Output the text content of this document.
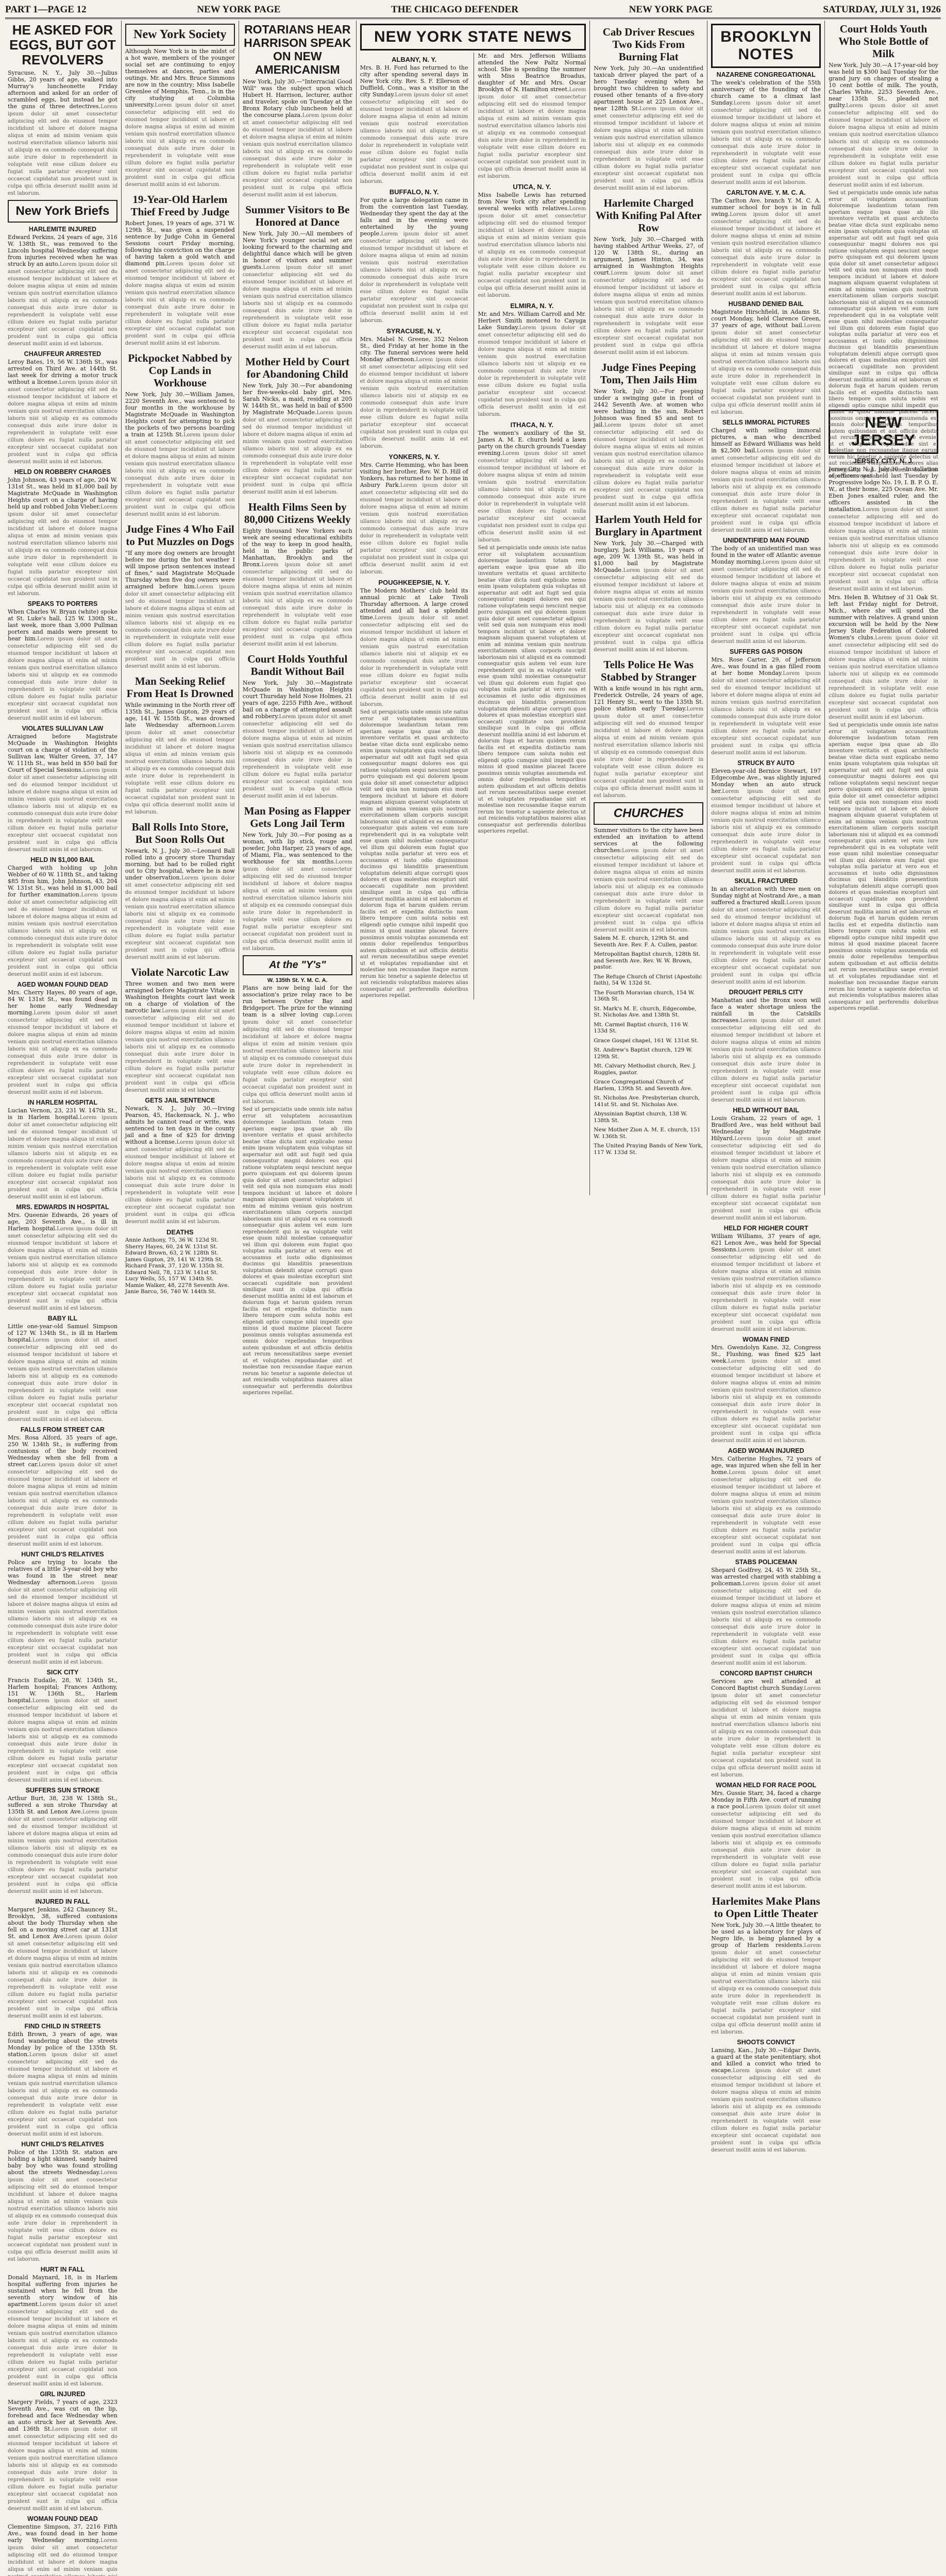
PART 1—PAGE 12	NEW YORK PAGE	THE CHICAGO DEFENDER	NEW YORK PAGE	SATURDAY, JULY 31, 1926
HE ASKED FOR EGGS, BUT GOT REVOLVERS
Syracuse, N. Y., July 30.—Julius Gibbs, 20 years of age, walked into Murray's luncheonette Friday afternoon and asked for an order of scrambled eggs, but instead he got the guns of three detectives. Lorem ipsum dolor sit amet consectetur adipiscing elit sed do eiusmod tempor incididunt ut labore et dolore magna aliqua ut enim ad minim veniam quis nostrud exercitation ullamco laboris nisi ut aliquip ex ea commodo consequat duis aute irure dolor in reprehenderit in voluptate velit esse cillum dolore eu fugiat nulla pariatur excepteur sint occaecat cupidatat non proident sunt in culpa qui officia deserunt mollit anim id est laborum.
New York Briefs
HARLEMITE INJURED
Edward Perkins, 24 years of age, 316 W. 138th St., was removed to the Lincoln hospital Wednesday suffering from injuries received when he was struck by an auto. Lorem ipsum dolor sit amet consectetur adipiscing elit sed do eiusmod tempor incididunt ut labore et dolore magna aliqua ut enim ad minim veniam quis nostrud exercitation ullamco laboris nisi ut aliquip ex ea commodo consequat duis aute irure dolor in reprehenderit in voluptate velit esse cillum dolore eu fugiat nulla pariatur excepteur sint occaecat cupidatat non proident sunt in culpa qui officia deserunt mollit anim id est laborum.
CHAUFFEUR ARRESTED
Leroy Bates, 19, 56 W. 136th St., was arrested on Third Ave. at 144th St. last week for driving a motor truck without a license. Lorem ipsum dolor sit amet consectetur adipiscing elit sed do eiusmod tempor incididunt ut labore et dolore magna aliqua ut enim ad minim veniam quis nostrud exercitation ullamco laboris nisi ut aliquip ex ea commodo consequat duis aute irure dolor in reprehenderit in voluptate velit esse cillum dolore eu fugiat nulla pariatur excepteur sint occaecat cupidatat non proident sunt in culpa qui officia deserunt mollit anim id est laborum.
HELD ON ROBBERY CHARGES
John Johnson, 43 years of age, 204 W. 131st St., was held in $1,000 bail by Magistrate McQuade in Washington Heights court on a charge of having held up and robbed John Vieber. Lorem ipsum dolor sit amet consectetur adipiscing elit sed do eiusmod tempor incididunt ut labore et dolore magna aliqua ut enim ad minim veniam quis nostrud exercitation ullamco laboris nisi ut aliquip ex ea commodo consequat duis aute irure dolor in reprehenderit in voluptate velit esse cillum dolore eu fugiat nulla pariatur excepteur sint occaecat cupidatat non proident sunt in culpa qui officia deserunt mollit anim id est laborum.
SPEAKS TO PORTERS
When Charles W. Bryan (white) spoke at St. Luke's hall, 125 W. 130th St., last week, more than 3,000 Pullman porters and maids were present to hear him. Lorem ipsum dolor sit amet consectetur adipiscing elit sed do eiusmod tempor incididunt ut labore et dolore magna aliqua ut enim ad minim veniam quis nostrud exercitation ullamco laboris nisi ut aliquip ex ea commodo consequat duis aute irure dolor in reprehenderit in voluptate velit esse cillum dolore eu fugiat nulla pariatur excepteur sint occaecat cupidatat non proident sunt in culpa qui officia deserunt mollit anim id est laborum.
VIOLATES SULLIVAN LAW
Arraigned before Magistrate McQuade in Washington Heights court on a charge of violation of the Sullivan law, Walter Green, 37, 147 W. 111th St., was held in $50 bail for Court of Special Sessions. Lorem ipsum dolor sit amet consectetur adipiscing elit sed do eiusmod tempor incididunt ut labore et dolore magna aliqua ut enim ad minim veniam quis nostrud exercitation ullamco laboris nisi ut aliquip ex ea commodo consequat duis aute irure dolor in reprehenderit in voluptate velit esse cillum dolore eu fugiat nulla pariatur excepteur sint occaecat cupidatat non proident sunt in culpa qui officia deserunt mollit anim id est laborum.
HELD IN $1,000 BAIL
Charged with holding up John Webber of 60 W. 118th St., and taking $85 from him, John Johnson, 43, 204 W. 131st St., was held in $1,000 bail for further examination. Lorem ipsum dolor sit amet consectetur adipiscing elit sed do eiusmod tempor incididunt ut labore et dolore magna aliqua ut enim ad minim veniam quis nostrud exercitation ullamco laboris nisi ut aliquip ex ea commodo consequat duis aute irure dolor in reprehenderit in voluptate velit esse cillum dolore eu fugiat nulla pariatur excepteur sint occaecat cupidatat non proident sunt in culpa qui officia deserunt mollit anim id est laborum.
AGED WOMAN FOUND DEAD
Mrs. Cherry Hayes, 80 years of age, 84 W. 131st St., was found dead in her home early Wednesday morning. Lorem ipsum dolor sit amet consectetur adipiscing elit sed do eiusmod tempor incididunt ut labore et dolore magna aliqua ut enim ad minim veniam quis nostrud exercitation ullamco laboris nisi ut aliquip ex ea commodo consequat duis aute irure dolor in reprehenderit in voluptate velit esse cillum dolore eu fugiat nulla pariatur excepteur sint occaecat cupidatat non proident sunt in culpa qui officia deserunt mollit anim id est laborum.
IN HARLEM HOSPITAL
Lucian Vernon, 23, 231 W. 147th St., is in Harlem hospital. Lorem ipsum dolor sit amet consectetur adipiscing elit sed do eiusmod tempor incididunt ut labore et dolore magna aliqua ut enim ad minim veniam quis nostrud exercitation ullamco laboris nisi ut aliquip ex ea commodo consequat duis aute irure dolor in reprehenderit in voluptate velit esse cillum dolore eu fugiat nulla pariatur excepteur sint occaecat cupidatat non proident sunt in culpa qui officia deserunt mollit anim id est laborum.
MRS. EDWARDS IN HOSPITAL
Mrs. Queenie Edwards, 26 years of age, 203 Seventh Ave., is ill in Harlem hospital. Lorem ipsum dolor sit amet consectetur adipiscing elit sed do eiusmod tempor incididunt ut labore et dolore magna aliqua ut enim ad minim veniam quis nostrud exercitation ullamco laboris nisi ut aliquip ex ea commodo consequat duis aute irure dolor in reprehenderit in voluptate velit esse cillum dolore eu fugiat nulla pariatur excepteur sint occaecat cupidatat non proident sunt in culpa qui officia deserunt mollit anim id est laborum.
BABY ILL
Little one-year-old Samuel Simpson of 127 W. 134th St., is ill in Harlem hospital. Lorem ipsum dolor sit amet consectetur adipiscing elit sed do eiusmod tempor incididunt ut labore et dolore magna aliqua ut enim ad minim veniam quis nostrud exercitation ullamco laboris nisi ut aliquip ex ea commodo consequat duis aute irure dolor in reprehenderit in voluptate velit esse cillum dolore eu fugiat nulla pariatur excepteur sint occaecat cupidatat non proident sunt in culpa qui officia deserunt mollit anim id est laborum.
FALLS FROM STREET CAR
Mrs. Rosa Alford, 35 years of age, 250 W. 134th St., is suffering from contusions of the body received Wednesday when she fell from a street car. Lorem ipsum dolor sit amet consectetur adipiscing elit sed do eiusmod tempor incididunt ut labore et dolore magna aliqua ut enim ad minim veniam quis nostrud exercitation ullamco laboris nisi ut aliquip ex ea commodo consequat duis aute irure dolor in reprehenderit in voluptate velit esse cillum dolore eu fugiat nulla pariatur excepteur sint occaecat cupidatat non proident sunt in culpa qui officia deserunt mollit anim id est laborum.
HUNT CHILD'S RELATIVES
Police are trying to locate the relatives of a little 3-year-old boy who was found in the street near Wednesday afternoon. Lorem ipsum dolor sit amet consectetur adipiscing elit sed do eiusmod tempor incididunt ut labore et dolore magna aliqua ut enim ad minim veniam quis nostrud exercitation ullamco laboris nisi ut aliquip ex ea commodo consequat duis aute irure dolor in reprehenderit in voluptate velit esse cillum dolore eu fugiat nulla pariatur excepteur sint occaecat cupidatat non proident sunt in culpa qui officia deserunt mollit anim id est laborum.
SICK CITY
Francis Eudaile, 28, W. 134th St., Harlem hospital; Frances Anthony, 151 W. 136th St., Harlem hospital. Lorem ipsum dolor sit amet consectetur adipiscing elit sed do eiusmod tempor incididunt ut labore et dolore magna aliqua ut enim ad minim veniam quis nostrud exercitation ullamco laboris nisi ut aliquip ex ea commodo consequat duis aute irure dolor in reprehenderit in voluptate velit esse cillum dolore eu fugiat nulla pariatur excepteur sint occaecat cupidatat non proident sunt in culpa qui officia deserunt mollit anim id est laborum.
SUFFERS SUN STROKE
Arthur Burt, 38, 238 W. 138th St., suffered a sun stroke Thursday at 135th St. and Lenox Ave. Lorem ipsum dolor sit amet consectetur adipiscing elit sed do eiusmod tempor incididunt ut labore et dolore magna aliqua ut enim ad minim veniam quis nostrud exercitation ullamco laboris nisi ut aliquip ex ea commodo consequat duis aute irure dolor in reprehenderit in voluptate velit esse cillum dolore eu fugiat nulla pariatur excepteur sint occaecat cupidatat non proident sunt in culpa qui officia deserunt mollit anim id est laborum.
INJURED IN FALL
Margaret Jenkins, 242 Chauncey St., Brooklyn, 38, suffered contusions about the body Thursday when she fell on a moving street car at 131st St. and Lenox Ave. Lorem ipsum dolor sit amet consectetur adipiscing elit sed do eiusmod tempor incididunt ut labore et dolore magna aliqua ut enim ad minim veniam quis nostrud exercitation ullamco laboris nisi ut aliquip ex ea commodo consequat duis aute irure dolor in reprehenderit in voluptate velit esse cillum dolore eu fugiat nulla pariatur excepteur sint occaecat cupidatat non proident sunt in culpa qui officia deserunt mollit anim id est laborum.
FIND CHILD IN STREETS
Edith Brown, 3 years of age, was found wandering about the streets Monday by police of the 135th St. station. Lorem ipsum dolor sit amet consectetur adipiscing elit sed do eiusmod tempor incididunt ut labore et dolore magna aliqua ut enim ad minim veniam quis nostrud exercitation ullamco laboris nisi ut aliquip ex ea commodo consequat duis aute irure dolor in reprehenderit in voluptate velit esse cillum dolore eu fugiat nulla pariatur excepteur sint occaecat cupidatat non proident sunt in culpa qui officia deserunt mollit anim id est laborum.
HUNT CHILD'S RELATIVES
Police of the 135th St. station are holding a light skinned, sandy haired baby boy who was found strolling about the streets Wednesday. Lorem ipsum dolor sit amet consectetur adipiscing elit sed do eiusmod tempor incididunt ut labore et dolore magna aliqua ut enim ad minim veniam quis nostrud exercitation ullamco laboris nisi ut aliquip ex ea commodo consequat duis aute irure dolor in reprehenderit in voluptate velit esse cillum dolore eu fugiat nulla pariatur excepteur sint occaecat cupidatat non proident sunt in culpa qui officia deserunt mollit anim id est laborum.
HURT IN FALL
Donald Maynard, 18, is in Harlem hospital suffering from injuries he sustained when he fell from the seventh story window of his apartment. Lorem ipsum dolor sit amet consectetur adipiscing elit sed do eiusmod tempor incididunt ut labore et dolore magna aliqua ut enim ad minim veniam quis nostrud exercitation ullamco laboris nisi ut aliquip ex ea commodo consequat duis aute irure dolor in reprehenderit in voluptate velit esse cillum dolore eu fugiat nulla pariatur excepteur sint occaecat cupidatat non proident sunt in culpa qui officia deserunt mollit anim id est laborum.
GIRL INJURED
Margery Fields, 7 years of age, 2323 Seventh Ave., was cut on the lip, forehead and face Wednesday when an auto struck her at Seventh Ave. and 136th St. Lorem ipsum dolor sit amet consectetur adipiscing elit sed do eiusmod tempor incididunt ut labore et dolore magna aliqua ut enim ad minim veniam quis nostrud exercitation ullamco laboris nisi ut aliquip ex ea commodo consequat duis aute irure dolor in reprehenderit in voluptate velit esse cillum dolore eu fugiat nulla pariatur excepteur sint occaecat cupidatat non proident sunt in culpa qui officia deserunt mollit anim id est laborum.
WOMAN FOUND DEAD
Clementine Simpson, 37, 2216 Fifth Ave., was found dead in her home early Wednesday morning. Lorem ipsum dolor sit amet consectetur adipiscing elit sed do eiusmod tempor incididunt ut labore et dolore magna aliqua ut enim ad minim veniam quis nostrud exercitation ullamco laboris nisi ut aliquip ex ea commodo consequat duis aute irure dolor in reprehenderit in voluptate velit esse cillum dolore eu fugiat nulla pariatur excepteur sint occaecat cupidatat non proident sunt in culpa qui officia deserunt mollit anim id est laborum.
New York Society
Although New York is in the midst of a hot wave, members of the younger social set are continuing to enjoy themselves at dances, parties and outings. Mr. and Mrs. Bruce Simmons are now in the country; Miss Isabelle Greenlee of Memphis, Tenn., is in the city studying at Columbia university. Lorem ipsum dolor sit amet consectetur adipiscing elit sed do eiusmod tempor incididunt ut labore et dolore magna aliqua ut enim ad minim veniam quis nostrud exercitation ullamco laboris nisi ut aliquip ex ea commodo consequat duis aute irure dolor in reprehenderit in voluptate velit esse cillum dolore eu fugiat nulla pariatur excepteur sint occaecat cupidatat non proident sunt in culpa qui officia deserunt mollit anim id est laborum.
19-Year-Old Harlem Thief Freed by Judge
Robert Jones, 19 years of age, 371 W. 129th St., was given a suspended sentence by Judge Cohn in General Sessions court Friday morning, following his conviction on the charge of having taken a gold watch and diamond pin. Lorem ipsum dolor sit amet consectetur adipiscing elit sed do eiusmod tempor incididunt ut labore et dolore magna aliqua ut enim ad minim veniam quis nostrud exercitation ullamco laboris nisi ut aliquip ex ea commodo consequat duis aute irure dolor in reprehenderit in voluptate velit esse cillum dolore eu fugiat nulla pariatur excepteur sint occaecat cupidatat non proident sunt in culpa qui officia deserunt mollit anim id est laborum.
Pickpocket Nabbed by Cop Lands in Workhouse
New York, July 30.—William James, 2220 Seventh Ave., was sentenced to four months in the workhouse by Magistrate McQuade in Washington Heights court for attempting to pick the pockets of two persons boarding a train at 125th St. Lorem ipsum dolor sit amet consectetur adipiscing elit sed do eiusmod tempor incididunt ut labore et dolore magna aliqua ut enim ad minim veniam quis nostrud exercitation ullamco laboris nisi ut aliquip ex ea commodo consequat duis aute irure dolor in reprehenderit in voluptate velit esse cillum dolore eu fugiat nulla pariatur excepteur sint occaecat cupidatat non proident sunt in culpa qui officia deserunt mollit anim id est laborum.
Judge Fines 4 Who Fail to Put Muzzles on Dogs
"If any more dog owners are brought before me during the hot weather I will impose prison sentences instead of fines," said Magistrate McQuade Thursday when five dog owners were arraigned before him. Lorem ipsum dolor sit amet consectetur adipiscing elit sed do eiusmod tempor incididunt ut labore et dolore magna aliqua ut enim ad minim veniam quis nostrud exercitation ullamco laboris nisi ut aliquip ex ea commodo consequat duis aute irure dolor in reprehenderit in voluptate velit esse cillum dolore eu fugiat nulla pariatur excepteur sint occaecat cupidatat non proident sunt in culpa qui officia deserunt mollit anim id est laborum.
Man Seeking Relief From Heat Is Drowned
While swimming in the North river off 135th St., James Gupton, 29 years of age, 141 W. 155th St., was drowned late Wednesday afternoon. Lorem ipsum dolor sit amet consectetur adipiscing elit sed do eiusmod tempor incididunt ut labore et dolore magna aliqua ut enim ad minim veniam quis nostrud exercitation ullamco laboris nisi ut aliquip ex ea commodo consequat duis aute irure dolor in reprehenderit in voluptate velit esse cillum dolore eu fugiat nulla pariatur excepteur sint occaecat cupidatat non proident sunt in culpa qui officia deserunt mollit anim id est laborum.
Ball Rolls Into Store, But Soon Rolls Out
Newark, N. J., July 30.—Leonard Ball rolled into a grocery store Thursday morning, but had to be rolled right out to City hospital, where he is now under observation. Lorem ipsum dolor sit amet consectetur adipiscing elit sed do eiusmod tempor incididunt ut labore et dolore magna aliqua ut enim ad minim veniam quis nostrud exercitation ullamco laboris nisi ut aliquip ex ea commodo consequat duis aute irure dolor in reprehenderit in voluptate velit esse cillum dolore eu fugiat nulla pariatur excepteur sint occaecat cupidatat non proident sunt in culpa qui officia deserunt mollit anim id est laborum.
Violate Narcotic Law
Three women and two men were arraigned before Magistrate Vitale in Washington Heights court last week on a charge of violation of the narcotic law. Lorem ipsum dolor sit amet consectetur adipiscing elit sed do eiusmod tempor incididunt ut labore et dolore magna aliqua ut enim ad minim veniam quis nostrud exercitation ullamco laboris nisi ut aliquip ex ea commodo consequat duis aute irure dolor in reprehenderit in voluptate velit esse cillum dolore eu fugiat nulla pariatur excepteur sint occaecat cupidatat non proident sunt in culpa qui officia deserunt mollit anim id est laborum.
GETS JAIL SENTENCE
Newark, N. J., July 30.—Irving Pearson, 45, Hackensack, N. J., who admits he cannot read or write, was sentenced to ten days in the county jail and a fine of $25 for driving without a license. Lorem ipsum dolor sit amet consectetur adipiscing elit sed do eiusmod tempor incididunt ut labore et dolore magna aliqua ut enim ad minim veniam quis nostrud exercitation ullamco laboris nisi ut aliquip ex ea commodo consequat duis aute irure dolor in reprehenderit in voluptate velit esse cillum dolore eu fugiat nulla pariatur excepteur sint occaecat cupidatat non proident sunt in culpa qui officia deserunt mollit anim id est laborum.
DEATHS
Annie Anthony, 75, 36 W. 123d St.
Sherry Hayes, 60, 24 W. 131st St.
Edward Brown, 63, 2 W. 128th St.
James Gupton, 29, 141 W. 129th St.
Richard Frank, 37, 120 W. 135th St.
Edward Nell, 78, 123 W. 141st St.
Lucy Wells, 55, 157 W. 134th St.
Mamie Walker, 48, 2278 Seventh Ave.
Janie Barco, 56, 740 W. 144th St.
ROTARIANS HEAR HARRISON SPEAK ON NEW AMERICANISM
New York, July 30.—"Interracial Good Will" was the subject upon which Hubert H. Harrison, lecturer, author and traveler, spoke on Tuesday at the Bronx Rotary club luncheon held at the concourse plaza. Lorem ipsum dolor sit amet consectetur adipiscing elit sed do eiusmod tempor incididunt ut labore et dolore magna aliqua ut enim ad minim veniam quis nostrud exercitation ullamco laboris nisi ut aliquip ex ea commodo consequat duis aute irure dolor in reprehenderit in voluptate velit esse cillum dolore eu fugiat nulla pariatur excepteur sint occaecat cupidatat non proident sunt in culpa qui officia deserunt mollit anim id est laborum.
Summer Visitors to Be Honored at Dance
New York, July 30.—All members of New York's younger social set are looking forward to the charming and delightful dance which will be given in honor of visitors and summer guests. Lorem ipsum dolor sit amet consectetur adipiscing elit sed do eiusmod tempor incididunt ut labore et dolore magna aliqua ut enim ad minim veniam quis nostrud exercitation ullamco laboris nisi ut aliquip ex ea commodo consequat duis aute irure dolor in reprehenderit in voluptate velit esse cillum dolore eu fugiat nulla pariatur excepteur sint occaecat cupidatat non proident sunt in culpa qui officia deserunt mollit anim id est laborum.
Mother Held by Court for Abandoning Child
New York, July 30.—For abandoning her five-weeks-old baby girl, Mrs. Sarah Nicks, a maid, residing at 205 W. 144th St., was held in bail of $500 by Magistrate McQuade. Lorem ipsum dolor sit amet consectetur adipiscing elit sed do eiusmod tempor incididunt ut labore et dolore magna aliqua ut enim ad minim veniam quis nostrud exercitation ullamco laboris nisi ut aliquip ex ea commodo consequat duis aute irure dolor in reprehenderit in voluptate velit esse cillum dolore eu fugiat nulla pariatur excepteur sint occaecat cupidatat non proident sunt in culpa qui officia deserunt mollit anim id est laborum.
Health Films Seen by 80,000 Citizens Weekly
Eighty thousand New Yorkers each week are seeing educational exhibits of the way to keep in good health, held in the public parks of Manhattan, Brooklyn and the Bronx. Lorem ipsum dolor sit amet consectetur adipiscing elit sed do eiusmod tempor incididunt ut labore et dolore magna aliqua ut enim ad minim veniam quis nostrud exercitation ullamco laboris nisi ut aliquip ex ea commodo consequat duis aute irure dolor in reprehenderit in voluptate velit esse cillum dolore eu fugiat nulla pariatur excepteur sint occaecat cupidatat non proident sunt in culpa qui officia deserunt mollit anim id est laborum.
Court Holds Youthful Bandit Without Bail
New York, July 30.—Magistrate McQuade in Washington Heights court Thursday held Nose Holmes, 21 years of age, 2255 Fifth Ave., without bail on a charge of attempted assault and robbery. Lorem ipsum dolor sit amet consectetur adipiscing elit sed do eiusmod tempor incididunt ut labore et dolore magna aliqua ut enim ad minim veniam quis nostrud exercitation ullamco laboris nisi ut aliquip ex ea commodo consequat duis aute irure dolor in reprehenderit in voluptate velit esse cillum dolore eu fugiat nulla pariatur excepteur sint occaecat cupidatat non proident sunt in culpa qui officia deserunt mollit anim id est laborum.
Man Posing as Flapper Gets Long Jail Term
New York, July 30.—For posing as a woman, with lip stick, rouge and powder, John Harper, 23 years of age, of Miami, Fla., was sentenced to the workhouse for six months. Lorem ipsum dolor sit amet consectetur adipiscing elit sed do eiusmod tempor incididunt ut labore et dolore magna aliqua ut enim ad minim veniam quis nostrud exercitation ullamco laboris nisi ut aliquip ex ea commodo consequat duis aute irure dolor in reprehenderit in voluptate velit esse cillum dolore eu fugiat nulla pariatur excepteur sint occaecat cupidatat non proident sunt in culpa qui officia deserunt mollit anim id est laborum.
At the "Y's"
W. 135th St. Y. M. C. A.
Plans are now being laid for the association's prize relay race to be run between Oyster Bay and Bridgeport. The prize for the winning team is a silver loving cup. Lorem ipsum dolor sit amet consectetur adipiscing elit sed do eiusmod tempor incididunt ut labore et dolore magna aliqua ut enim ad minim veniam quis nostrud exercitation ullamco laboris nisi ut aliquip ex ea commodo consequat duis aute irure dolor in reprehenderit in voluptate velit esse cillum dolore eu fugiat nulla pariatur excepteur sint occaecat cupidatat non proident sunt in culpa qui officia deserunt mollit anim id est laborum.
Sed ut perspiciatis unde omnis iste natus error sit voluptatem accusantium doloremque laudantium totam rem aperiam eaque ipsa quae ab illo inventore veritatis et quasi architecto beatae vitae dicta sunt explicabo nemo enim ipsam voluptatem quia voluptas sit aspernatur aut odit aut fugit sed quia consequuntur magni dolores eos qui ratione voluptatem sequi nesciunt neque porro quisquam est qui dolorem ipsum quia dolor sit amet consectetur adipisci velit sed quia non numquam eius modi tempora incidunt ut labore et dolore magnam aliquam quaerat voluptatem ut enim ad minima veniam quis nostrum exercitationem ullam corporis suscipit laboriosam nisi ut aliquid ex ea commodi consequatur quis autem vel eum iure reprehenderit qui in ea voluptate velit esse quam nihil molestiae consequatur vel illum qui dolorem eum fugiat quo voluptas nulla pariatur at vero eos et accusamus et iusto odio dignissimos ducimus qui blanditiis praesentium voluptatum deleniti atque corrupti quos dolores et quas molestias excepturi sint occaecati cupiditate non provident similique sunt in culpa qui officia deserunt mollitia animi id est laborum et dolorum fuga et harum quidem rerum facilis est et expedita distinctio nam libero tempore cum soluta nobis est eligendi optio cumque nihil impedit quo minus id quod maxime placeat facere possimus omnis voluptas assumenda est omnis dolor repellendus temporibus autem quibusdam et aut officiis debitis aut rerum necessitatibus saepe eveniet ut et voluptates repudiandae sint et molestiae non recusandae itaque earum rerum hic tenetur a sapiente delectus ut aut reiciendis voluptatibus maiores alias consequatur aut perferendis doloribus asperiores repellat.
NEW YORK STATE NEWS
ALBANY, N. Y.
Mrs. B. H. Ford has returned to the city after spending several days in New York city. Rev. S. F. Ellerson of Duffield, Conn., was a visitor in the city Sunday. Lorem ipsum dolor sit amet consectetur adipiscing elit sed do eiusmod tempor incididunt ut labore et dolore magna aliqua ut enim ad minim veniam quis nostrud exercitation ullamco laboris nisi ut aliquip ex ea commodo consequat duis aute irure dolor in reprehenderit in voluptate velit esse cillum dolore eu fugiat nulla pariatur excepteur sint occaecat cupidatat non proident sunt in culpa qui officia deserunt mollit anim id est laborum.
BUFFALO, N. Y.
For quite a large delegation came in from the convention last Tuesday, Wednesday they spent the day at the falls and in the evening were entertained by the young people. Lorem ipsum dolor sit amet consectetur adipiscing elit sed do eiusmod tempor incididunt ut labore et dolore magna aliqua ut enim ad minim veniam quis nostrud exercitation ullamco laboris nisi ut aliquip ex ea commodo consequat duis aute irure dolor in reprehenderit in voluptate velit esse cillum dolore eu fugiat nulla pariatur excepteur sint occaecat cupidatat non proident sunt in culpa qui officia deserunt mollit anim id est laborum.
SYRACUSE, N. Y.
Mrs. Mabel N. Greene, 352 Nelson St., died Friday at her home in the city. The funeral services were held Monday afternoon. Lorem ipsum dolor sit amet consectetur adipiscing elit sed do eiusmod tempor incididunt ut labore et dolore magna aliqua ut enim ad minim veniam quis nostrud exercitation ullamco laboris nisi ut aliquip ex ea commodo consequat duis aute irure dolor in reprehenderit in voluptate velit esse cillum dolore eu fugiat nulla pariatur excepteur sint occaecat cupidatat non proident sunt in culpa qui officia deserunt mollit anim id est laborum.
YONKERS, N. Y.
Mrs. Carrie Hemming, who has been visiting her brother, Rev. W. D. Hill of Yonkers, has returned to her home in Asbury Park. Lorem ipsum dolor sit amet consectetur adipiscing elit sed do eiusmod tempor incididunt ut labore et dolore magna aliqua ut enim ad minim veniam quis nostrud exercitation ullamco laboris nisi ut aliquip ex ea commodo consequat duis aute irure dolor in reprehenderit in voluptate velit esse cillum dolore eu fugiat nulla pariatur excepteur sint occaecat cupidatat non proident sunt in culpa qui officia deserunt mollit anim id est laborum.
POUGHKEEPSIE, N. Y.
The Modern Mothers' club held its annual picnic at Lake Tivoli Thursday afternoon. A large crowd attended and all had a splendid time. Lorem ipsum dolor sit amet consectetur adipiscing elit sed do eiusmod tempor incididunt ut labore et dolore magna aliqua ut enim ad minim veniam quis nostrud exercitation ullamco laboris nisi ut aliquip ex ea commodo consequat duis aute irure dolor in reprehenderit in voluptate velit esse cillum dolore eu fugiat nulla pariatur excepteur sint occaecat cupidatat non proident sunt in culpa qui officia deserunt mollit anim id est laborum.
Sed ut perspiciatis unde omnis iste natus error sit voluptatem accusantium doloremque laudantium totam rem aperiam eaque ipsa quae ab illo inventore veritatis et quasi architecto beatae vitae dicta sunt explicabo nemo enim ipsam voluptatem quia voluptas sit aspernatur aut odit aut fugit sed quia consequuntur magni dolores eos qui ratione voluptatem sequi nesciunt neque porro quisquam est qui dolorem ipsum quia dolor sit amet consectetur adipisci velit sed quia non numquam eius modi tempora incidunt ut labore et dolore magnam aliquam quaerat voluptatem ut enim ad minima veniam quis nostrum exercitationem ullam corporis suscipit laboriosam nisi ut aliquid ex ea commodi consequatur quis autem vel eum iure reprehenderit qui in ea voluptate velit esse quam nihil molestiae consequatur vel illum qui dolorem eum fugiat quo voluptas nulla pariatur at vero eos et accusamus et iusto odio dignissimos ducimus qui blanditiis praesentium voluptatum deleniti atque corrupti quos dolores et quas molestias excepturi sint occaecati cupiditate non provident similique sunt in culpa qui officia deserunt mollitia animi id est laborum et dolorum fuga et harum quidem rerum facilis est et expedita distinctio nam libero tempore cum soluta nobis est eligendi optio cumque nihil impedit quo minus id quod maxime placeat facere possimus omnis voluptas assumenda est omnis dolor repellendus temporibus autem quibusdam et aut officiis debitis aut rerum necessitatibus saepe eveniet ut et voluptates repudiandae sint et molestiae non recusandae itaque earum rerum hic tenetur a sapiente delectus ut aut reiciendis voluptatibus maiores alias consequatur aut perferendis doloribus asperiores repellat.
Mr. and Mrs. Jefferson Williams attended the New Paltz Normal school. She is spending the summer with Miss Beatrice Broadus, daughter of Mr. and Mrs. Oscar Brooklyn of N. Hamilton street. Lorem ipsum dolor sit amet consectetur adipiscing elit sed do eiusmod tempor incididunt ut labore et dolore magna aliqua ut enim ad minim veniam quis nostrud exercitation ullamco laboris nisi ut aliquip ex ea commodo consequat duis aute irure dolor in reprehenderit in voluptate velit esse cillum dolore eu fugiat nulla pariatur excepteur sint occaecat cupidatat non proident sunt in culpa qui officia deserunt mollit anim id est laborum.
UTICA, N. Y.
Miss Isabelle Lewis has returned from New York city after spending several weeks with relatives. Lorem ipsum dolor sit amet consectetur adipiscing elit sed do eiusmod tempor incididunt ut labore et dolore magna aliqua ut enim ad minim veniam quis nostrud exercitation ullamco laboris nisi ut aliquip ex ea commodo consequat duis aute irure dolor in reprehenderit in voluptate velit esse cillum dolore eu fugiat nulla pariatur excepteur sint occaecat cupidatat non proident sunt in culpa qui officia deserunt mollit anim id est laborum.
ELMIRA, N. Y.
Mr. and Mrs. William Carroll and Mr. Herbert Smith motored to Cayuga Lake Sunday. Lorem ipsum dolor sit amet consectetur adipiscing elit sed do eiusmod tempor incididunt ut labore et dolore magna aliqua ut enim ad minim veniam quis nostrud exercitation ullamco laboris nisi ut aliquip ex ea commodo consequat duis aute irure dolor in reprehenderit in voluptate velit esse cillum dolore eu fugiat nulla pariatur excepteur sint occaecat cupidatat non proident sunt in culpa qui officia deserunt mollit anim id est laborum.
ITHACA, N. Y.
The women's auxiliary of the St. James A. M. E. church held a lawn party on the church grounds Tuesday evening. Lorem ipsum dolor sit amet consectetur adipiscing elit sed do eiusmod tempor incididunt ut labore et dolore magna aliqua ut enim ad minim veniam quis nostrud exercitation ullamco laboris nisi ut aliquip ex ea commodo consequat duis aute irure dolor in reprehenderit in voluptate velit esse cillum dolore eu fugiat nulla pariatur excepteur sint occaecat cupidatat non proident sunt in culpa qui officia deserunt mollit anim id est laborum.
Sed ut perspiciatis unde omnis iste natus error sit voluptatem accusantium doloremque laudantium totam rem aperiam eaque ipsa quae ab illo inventore veritatis et quasi architecto beatae vitae dicta sunt explicabo nemo enim ipsam voluptatem quia voluptas sit aspernatur aut odit aut fugit sed quia consequuntur magni dolores eos qui ratione voluptatem sequi nesciunt neque porro quisquam est qui dolorem ipsum quia dolor sit amet consectetur adipisci velit sed quia non numquam eius modi tempora incidunt ut labore et dolore magnam aliquam quaerat voluptatem ut enim ad minima veniam quis nostrum exercitationem ullam corporis suscipit laboriosam nisi ut aliquid ex ea commodi consequatur quis autem vel eum iure reprehenderit qui in ea voluptate velit esse quam nihil molestiae consequatur vel illum qui dolorem eum fugiat quo voluptas nulla pariatur at vero eos et accusamus et iusto odio dignissimos ducimus qui blanditiis praesentium voluptatum deleniti atque corrupti quos dolores et quas molestias excepturi sint occaecati cupiditate non provident similique sunt in culpa qui officia deserunt mollitia animi id est laborum et dolorum fuga et harum quidem rerum facilis est et expedita distinctio nam libero tempore cum soluta nobis est eligendi optio cumque nihil impedit quo minus id quod maxime placeat facere possimus omnis voluptas assumenda est omnis dolor repellendus temporibus autem quibusdam et aut officiis debitis aut rerum necessitatibus saepe eveniet ut et voluptates repudiandae sint et molestiae non recusandae itaque earum rerum hic tenetur a sapiente delectus ut aut reiciendis voluptatibus maiores alias consequatur aut perferendis doloribus asperiores repellat.
Cab Driver Rescues Two Kids From Burning Flat
New York, July 30.—An unidentified taxicab driver played the part of a hero Tuesday evening when he brought two children to safety and roused other tenants of a five-story apartment house at 225 Lenox Ave., near 128th St. Lorem ipsum dolor sit amet consectetur adipiscing elit sed do eiusmod tempor incididunt ut labore et dolore magna aliqua ut enim ad minim veniam quis nostrud exercitation ullamco laboris nisi ut aliquip ex ea commodo consequat duis aute irure dolor in reprehenderit in voluptate velit esse cillum dolore eu fugiat nulla pariatur excepteur sint occaecat cupidatat non proident sunt in culpa qui officia deserunt mollit anim id est laborum.
Harlemite Charged With Knifing Pal After Row
New York, July 30.—Charged with having stabbed Arthur Weeks, 27, of 120 W. 138th St., during an argument, James Hinton, 34, was arraigned in Washington Heights court. Lorem ipsum dolor sit amet consectetur adipiscing elit sed do eiusmod tempor incididunt ut labore et dolore magna aliqua ut enim ad minim veniam quis nostrud exercitation ullamco laboris nisi ut aliquip ex ea commodo consequat duis aute irure dolor in reprehenderit in voluptate velit esse cillum dolore eu fugiat nulla pariatur excepteur sint occaecat cupidatat non proident sunt in culpa qui officia deserunt mollit anim id est laborum.
Judge Fines Peeping Tom, Then Jails Him
New York, July 30.—For peeping under a swinging gate in front of 2442 Seventh Ave. at women who were bathing in the sun, Robert Johnson was fined $5 and sent to jail. Lorem ipsum dolor sit amet consectetur adipiscing elit sed do eiusmod tempor incididunt ut labore et dolore magna aliqua ut enim ad minim veniam quis nostrud exercitation ullamco laboris nisi ut aliquip ex ea commodo consequat duis aute irure dolor in reprehenderit in voluptate velit esse cillum dolore eu fugiat nulla pariatur excepteur sint occaecat cupidatat non proident sunt in culpa qui officia deserunt mollit anim id est laborum.
Harlem Youth Held for Burglary in Apartment
New York, July 30.—Charged with burglary, Jack Williams, 19 years of age, 209 W. 139th St., was held in $1,000 bail by Magistrate McQuade. Lorem ipsum dolor sit amet consectetur adipiscing elit sed do eiusmod tempor incididunt ut labore et dolore magna aliqua ut enim ad minim veniam quis nostrud exercitation ullamco laboris nisi ut aliquip ex ea commodo consequat duis aute irure dolor in reprehenderit in voluptate velit esse cillum dolore eu fugiat nulla pariatur excepteur sint occaecat cupidatat non proident sunt in culpa qui officia deserunt mollit anim id est laborum.
Tells Police He Was Stabbed by Stranger
With a knife wound in his right arm, Frederick Ostrelle, 24 years of age, 121 Henry St., went to the 135th St. police station early Tuesday. Lorem ipsum dolor sit amet consectetur adipiscing elit sed do eiusmod tempor incididunt ut labore et dolore magna aliqua ut enim ad minim veniam quis nostrud exercitation ullamco laboris nisi ut aliquip ex ea commodo consequat duis aute irure dolor in reprehenderit in voluptate velit esse cillum dolore eu fugiat nulla pariatur excepteur sint occaecat cupidatat non proident sunt in culpa qui officia deserunt mollit anim id est laborum.
CHURCHES
Summer visitors to the city have been extended an invitation to attend services at the following churches: Lorem ipsum dolor sit amet consectetur adipiscing elit sed do eiusmod tempor incididunt ut labore et dolore magna aliqua ut enim ad minim veniam quis nostrud exercitation ullamco laboris nisi ut aliquip ex ea commodo consequat duis aute irure dolor in reprehenderit in voluptate velit esse cillum dolore eu fugiat nulla pariatur excepteur sint occaecat cupidatat non proident sunt in culpa qui officia deserunt mollit anim id est laborum.
Salem M. E. church, 129th St. and Seventh Ave. Rev. F. A. Cullen, pastor.
Metropolitan Baptist church, 128th St. and Seventh Ave. Rev. W. W. Brown, pastor.
The Refuge Church of Christ (Apostolic faith), 54 W. 132d St.
The Fourth Moravian church, 154 W. 136th St.
St. Mark's M. E. church, Edgecombe, St. Nicholas Ave. and 138th St.
Mt. Carmel Baptist church, 116 W. 133d St.
Grace Gospel chapel, 161 W. 131st St.
St. Andrew's Baptist church, 129 W. 129th St.
Mt. Calvary Methodist church, Rev. J. Ruggles, pastor.
Grace Congregational Church of Harlem, 139th St. and Seventh Ave.
St. Nicholas Ave. Presbyterian church, 141st St. and St. Nicholas Ave.
Abyssinian Baptist church, 138 W. 138th St.
New Mother Zion A. M. E. church, 151 W. 136th St.
The United Praying Bands of New York, 117 W. 133d St.
BROOKLYN NOTES
NAZARENE CONGREGATIONAL
The week's celebration of the 55th anniversary of the founding of the church came to a climax last Sunday. Lorem ipsum dolor sit amet consectetur adipiscing elit sed do eiusmod tempor incididunt ut labore et dolore magna aliqua ut enim ad minim veniam quis nostrud exercitation ullamco laboris nisi ut aliquip ex ea commodo consequat duis aute irure dolor in reprehenderit in voluptate velit esse cillum dolore eu fugiat nulla pariatur excepteur sint occaecat cupidatat non proident sunt in culpa qui officia deserunt mollit anim id est laborum.
CARLTON AVE. Y. M. C. A.
The Carlton Ave. branch Y. M. C. A. summer school for boys is in full swing. Lorem ipsum dolor sit amet consectetur adipiscing elit sed do eiusmod tempor incididunt ut labore et dolore magna aliqua ut enim ad minim veniam quis nostrud exercitation ullamco laboris nisi ut aliquip ex ea commodo consequat duis aute irure dolor in reprehenderit in voluptate velit esse cillum dolore eu fugiat nulla pariatur excepteur sint occaecat cupidatat non proident sunt in culpa qui officia deserunt mollit anim id est laborum.
HUSBAND DENIED BAIL
Magistrate Hirschfield, in Adams St. court Monday, held Clarence Green, 37 years of age, without bail. Lorem ipsum dolor sit amet consectetur adipiscing elit sed do eiusmod tempor incididunt ut labore et dolore magna aliqua ut enim ad minim veniam quis nostrud exercitation ullamco laboris nisi ut aliquip ex ea commodo consequat duis aute irure dolor in reprehenderit in voluptate velit esse cillum dolore eu fugiat nulla pariatur excepteur sint occaecat cupidatat non proident sunt in culpa qui officia deserunt mollit anim id est laborum.
SELLS IMMORAL PICTURES
Charged with selling immoral pictures, a man who described himself as Edward Williams was held in $2,500 bail. Lorem ipsum dolor sit amet consectetur adipiscing elit sed do eiusmod tempor incididunt ut labore et dolore magna aliqua ut enim ad minim veniam quis nostrud exercitation ullamco laboris nisi ut aliquip ex ea commodo consequat duis aute irure dolor in reprehenderit in voluptate velit esse cillum dolore eu fugiat nulla pariatur excepteur sint occaecat cupidatat non proident sunt in culpa qui officia deserunt mollit anim id est laborum.
UNIDENTIFIED MAN FOUND
The body of an unidentified man was found in the water off Atlantic avenue Monday morning. Lorem ipsum dolor sit amet consectetur adipiscing elit sed do eiusmod tempor incididunt ut labore et dolore magna aliqua ut enim ad minim veniam quis nostrud exercitation ullamco laboris nisi ut aliquip ex ea commodo consequat duis aute irure dolor in reprehenderit in voluptate velit esse cillum dolore eu fugiat nulla pariatur excepteur sint occaecat cupidatat non proident sunt in culpa qui officia deserunt mollit anim id est laborum.
SUFFERS GAS POISON
Mrs. Rose Carter, 29, of Jefferson Ave., was found in a gas filled room at her home Monday. Lorem ipsum dolor sit amet consectetur adipiscing elit sed do eiusmod tempor incididunt ut labore et dolore magna aliqua ut enim ad minim veniam quis nostrud exercitation ullamco laboris nisi ut aliquip ex ea commodo consequat duis aute irure dolor in reprehenderit in voluptate velit esse cillum dolore eu fugiat nulla pariatur excepteur sint occaecat cupidatat non proident sunt in culpa qui officia deserunt mollit anim id est laborum.
STRUCK BY AUTO
Eleven-year-old Bernice Stewart, 197 Edgecombe Ave., was slightly injured Monday when an auto struck her. Lorem ipsum dolor sit amet consectetur adipiscing elit sed do eiusmod tempor incididunt ut labore et dolore magna aliqua ut enim ad minim veniam quis nostrud exercitation ullamco laboris nisi ut aliquip ex ea commodo consequat duis aute irure dolor in reprehenderit in voluptate velit esse cillum dolore eu fugiat nulla pariatur excepteur sint occaecat cupidatat non proident sunt in culpa qui officia deserunt mollit anim id est laborum.
SKULL FRACTURED
In an altercation with three men on Sunday night at Nostrand Ave., a man suffered a fractured skull. Lorem ipsum dolor sit amet consectetur adipiscing elit sed do eiusmod tempor incididunt ut labore et dolore magna aliqua ut enim ad minim veniam quis nostrud exercitation ullamco laboris nisi ut aliquip ex ea commodo consequat duis aute irure dolor in reprehenderit in voluptate velit esse cillum dolore eu fugiat nulla pariatur excepteur sint occaecat cupidatat non proident sunt in culpa qui officia deserunt mollit anim id est laborum.
DROUGHT PERILS CITY
Manhattan and the Bronx soon will face a water shortage unless the rainfall in the Catskills increases. Lorem ipsum dolor sit amet consectetur adipiscing elit sed do eiusmod tempor incididunt ut labore et dolore magna aliqua ut enim ad minim veniam quis nostrud exercitation ullamco laboris nisi ut aliquip ex ea commodo consequat duis aute irure dolor in reprehenderit in voluptate velit esse cillum dolore eu fugiat nulla pariatur excepteur sint occaecat cupidatat non proident sunt in culpa qui officia deserunt mollit anim id est laborum.
HELD WITHOUT BAIL
Louis Graham, 22 years of age, 1 Bradford Ave., was held without bail Wednesday by Magistrate Hilyard. Lorem ipsum dolor sit amet consectetur adipiscing elit sed do eiusmod tempor incididunt ut labore et dolore magna aliqua ut enim ad minim veniam quis nostrud exercitation ullamco laboris nisi ut aliquip ex ea commodo consequat duis aute irure dolor in reprehenderit in voluptate velit esse cillum dolore eu fugiat nulla pariatur excepteur sint occaecat cupidatat non proident sunt in culpa qui officia deserunt mollit anim id est laborum.
HELD FOR HIGHER COURT
William Williams, 37 years of age, 621 Lenox Ave., was held for Special Sessions. Lorem ipsum dolor sit amet consectetur adipiscing elit sed do eiusmod tempor incididunt ut labore et dolore magna aliqua ut enim ad minim veniam quis nostrud exercitation ullamco laboris nisi ut aliquip ex ea commodo consequat duis aute irure dolor in reprehenderit in voluptate velit esse cillum dolore eu fugiat nulla pariatur excepteur sint occaecat cupidatat non proident sunt in culpa qui officia deserunt mollit anim id est laborum.
WOMAN FINED
Mrs. Gwendolyn Kane, 32, Congress St., Flushing, was fined $25 last week. Lorem ipsum dolor sit amet consectetur adipiscing elit sed do eiusmod tempor incididunt ut labore et dolore magna aliqua ut enim ad minim veniam quis nostrud exercitation ullamco laboris nisi ut aliquip ex ea commodo consequat duis aute irure dolor in reprehenderit in voluptate velit esse cillum dolore eu fugiat nulla pariatur excepteur sint occaecat cupidatat non proident sunt in culpa qui officia deserunt mollit anim id est laborum.
AGED WOMAN INJURED
Mrs. Catherine Hughes, 72 years of age, was injured when she fell in her home. Lorem ipsum dolor sit amet consectetur adipiscing elit sed do eiusmod tempor incididunt ut labore et dolore magna aliqua ut enim ad minim veniam quis nostrud exercitation ullamco laboris nisi ut aliquip ex ea commodo consequat duis aute irure dolor in reprehenderit in voluptate velit esse cillum dolore eu fugiat nulla pariatur excepteur sint occaecat cupidatat non proident sunt in culpa qui officia deserunt mollit anim id est laborum.
STABS POLICEMAN
Shepard Godfrey, 24, 45 W. 25th St., was arrested charged with stabbing a policeman. Lorem ipsum dolor sit amet consectetur adipiscing elit sed do eiusmod tempor incididunt ut labore et dolore magna aliqua ut enim ad minim veniam quis nostrud exercitation ullamco laboris nisi ut aliquip ex ea commodo consequat duis aute irure dolor in reprehenderit in voluptate velit esse cillum dolore eu fugiat nulla pariatur excepteur sint occaecat cupidatat non proident sunt in culpa qui officia deserunt mollit anim id est laborum.
CONCORD BAPTIST CHURCH
Services are well attended at Concord Baptist church Sunday. Lorem ipsum dolor sit amet consectetur adipiscing elit sed do eiusmod tempor incididunt ut labore et dolore magna aliqua ut enim ad minim veniam quis nostrud exercitation ullamco laboris nisi ut aliquip ex ea commodo consequat duis aute irure dolor in reprehenderit in voluptate velit esse cillum dolore eu fugiat nulla pariatur excepteur sint occaecat cupidatat non proident sunt in culpa qui officia deserunt mollit anim id est laborum.
WOMAN HELD FOR RACE POOL
Mrs. Gussie Starr, 34, faced a charge Monday in Fifth Ave. court of running a race pool. Lorem ipsum dolor sit amet consectetur adipiscing elit sed do eiusmod tempor incididunt ut labore et dolore magna aliqua ut enim ad minim veniam quis nostrud exercitation ullamco laboris nisi ut aliquip ex ea commodo consequat duis aute irure dolor in reprehenderit in voluptate velit esse cillum dolore eu fugiat nulla pariatur excepteur sint occaecat cupidatat non proident sunt in culpa qui officia deserunt mollit anim id est laborum.
Harlemites Make Plans to Open Little Theater
New York, July 30.—A little theater, to be used as a laboratory for plays of Negro life, is being planned by a group of Harlem residents. Lorem ipsum dolor sit amet consectetur adipiscing elit sed do eiusmod tempor incididunt ut labore et dolore magna aliqua ut enim ad minim veniam quis nostrud exercitation ullamco laboris nisi ut aliquip ex ea commodo consequat duis aute irure dolor in reprehenderit in voluptate velit esse cillum dolore eu fugiat nulla pariatur excepteur sint occaecat cupidatat non proident sunt in culpa qui officia deserunt mollit anim id est laborum.
SHOOTS CONVICT
Lansing, Kan., July 30.—Edgar Davis, a guard at the state penitentiary, shot and killed a convict who tried to escape. Lorem ipsum dolor sit amet consectetur adipiscing elit sed do eiusmod tempor incididunt ut labore et dolore magna aliqua ut enim ad minim veniam quis nostrud exercitation ullamco laboris nisi ut aliquip ex ea commodo consequat duis aute irure dolor in reprehenderit in voluptate velit esse cillum dolore eu fugiat nulla pariatur excepteur sint occaecat cupidatat non proident sunt in culpa qui officia deserunt mollit anim id est laborum.
Court Holds Youth Who Stole Bottle of Milk
New York, July 30.—A 17-year-old boy was held in $300 bail Tuesday for the grand jury on charges of stealing a 10 cent bottle of milk. The youth, Charles White, 2253 Seventh Ave., near 135th St., pleaded not guilty. Lorem ipsum dolor sit amet consectetur adipiscing elit sed do eiusmod tempor incididunt ut labore et dolore magna aliqua ut enim ad minim veniam quis nostrud exercitation ullamco laboris nisi ut aliquip ex ea commodo consequat duis aute irure dolor in reprehenderit in voluptate velit esse cillum dolore eu fugiat nulla pariatur excepteur sint occaecat cupidatat non proident sunt in culpa qui officia deserunt mollit anim id est laborum.
Sed ut perspiciatis unde omnis iste natus error sit voluptatem accusantium doloremque laudantium totam rem aperiam eaque ipsa quae ab illo inventore veritatis et quasi architecto beatae vitae dicta sunt explicabo nemo enim ipsam voluptatem quia voluptas sit aspernatur aut odit aut fugit sed quia consequuntur magni dolores eos qui ratione voluptatem sequi nesciunt neque porro quisquam est qui dolorem ipsum quia dolor sit amet consectetur adipisci velit sed quia non numquam eius modi tempora incidunt ut labore et dolore magnam aliquam quaerat voluptatem ut enim ad minima veniam quis nostrum exercitationem ullam corporis suscipit laboriosam nisi ut aliquid ex ea commodi consequatur quis autem vel eum iure reprehenderit qui in ea voluptate velit esse quam nihil molestiae consequatur vel illum qui dolorem eum fugiat quo voluptas nulla pariatur at vero eos et accusamus et iusto odio dignissimos ducimus qui blanditiis praesentium voluptatum deleniti atque corrupti quos dolores et quas molestias excepturi sint occaecati cupiditate non provident similique sunt in culpa qui officia deserunt mollitia animi id est laborum et dolorum fuga et harum quidem rerum facilis est et expedita distinctio nam libero tempore cum soluta nobis est eligendi optio cumque nihil impedit quo minus id quod maxime placeat facere possimus omnis voluptas assumenda est omnis dolor repellendus temporibus autem quibusdam et aut officiis debitis aut rerum necessitatibus saepe eveniet ut et voluptates repudiandae sint et molestiae non recusandae itaque earum rerum hic tenetur a sapiente delectus ut aut reiciendis voluptatibus maiores alias consequatur aut perferendis doloribus asperiores repellat.
NEW JERSEY
JERSEY CITY, N. J.
Jersey City, N. J., July 30.—Installation of officers was held last Tuesday by Progressive lodge No. 19, I. B. P. O. E. W., at their home, 225 Ocean Ave. Mr. Eben Jones exalted ruler, and the officers assisted in the installation. Lorem ipsum dolor sit amet consectetur adipiscing elit sed do eiusmod tempor incididunt ut labore et dolore magna aliqua ut enim ad minim veniam quis nostrud exercitation ullamco laboris nisi ut aliquip ex ea commodo consequat duis aute irure dolor in reprehenderit in voluptate velit esse cillum dolore eu fugiat nulla pariatur excepteur sint occaecat cupidatat non proident sunt in culpa qui officia deserunt mollit anim id est laborum.
Mrs. Helen B. Whitney of 31 Oak St. left last Friday night for Detroit, Mich., where she will spend the summer with relatives. A grand union excursion will be held by the New Jersey State Federation of Colored Women's clubs. Lorem ipsum dolor sit amet consectetur adipiscing elit sed do eiusmod tempor incididunt ut labore et dolore magna aliqua ut enim ad minim veniam quis nostrud exercitation ullamco laboris nisi ut aliquip ex ea commodo consequat duis aute irure dolor in reprehenderit in voluptate velit esse cillum dolore eu fugiat nulla pariatur excepteur sint occaecat cupidatat non proident sunt in culpa qui officia deserunt mollit anim id est laborum.
Sed ut perspiciatis unde omnis iste natus error sit voluptatem accusantium doloremque laudantium totam rem aperiam eaque ipsa quae ab illo inventore veritatis et quasi architecto beatae vitae dicta sunt explicabo nemo enim ipsam voluptatem quia voluptas sit aspernatur aut odit aut fugit sed quia consequuntur magni dolores eos qui ratione voluptatem sequi nesciunt neque porro quisquam est qui dolorem ipsum quia dolor sit amet consectetur adipisci velit sed quia non numquam eius modi tempora incidunt ut labore et dolore magnam aliquam quaerat voluptatem ut enim ad minima veniam quis nostrum exercitationem ullam corporis suscipit laboriosam nisi ut aliquid ex ea commodi consequatur quis autem vel eum iure reprehenderit qui in ea voluptate velit esse quam nihil molestiae consequatur vel illum qui dolorem eum fugiat quo voluptas nulla pariatur at vero eos et accusamus et iusto odio dignissimos ducimus qui blanditiis praesentium voluptatum deleniti atque corrupti quos dolores et quas molestias excepturi sint occaecati cupiditate non provident similique sunt in culpa qui officia deserunt mollitia animi id est laborum et dolorum fuga et harum quidem rerum facilis est et expedita distinctio nam libero tempore cum soluta nobis est eligendi optio cumque nihil impedit quo minus id quod maxime placeat facere possimus omnis voluptas assumenda est omnis dolor repellendus temporibus autem quibusdam et aut officiis debitis aut rerum necessitatibus saepe eveniet ut et voluptates repudiandae sint et molestiae non recusandae itaque earum rerum hic tenetur a sapiente delectus ut aut reiciendis voluptatibus maiores alias consequatur aut perferendis doloribus asperiores repellat.
